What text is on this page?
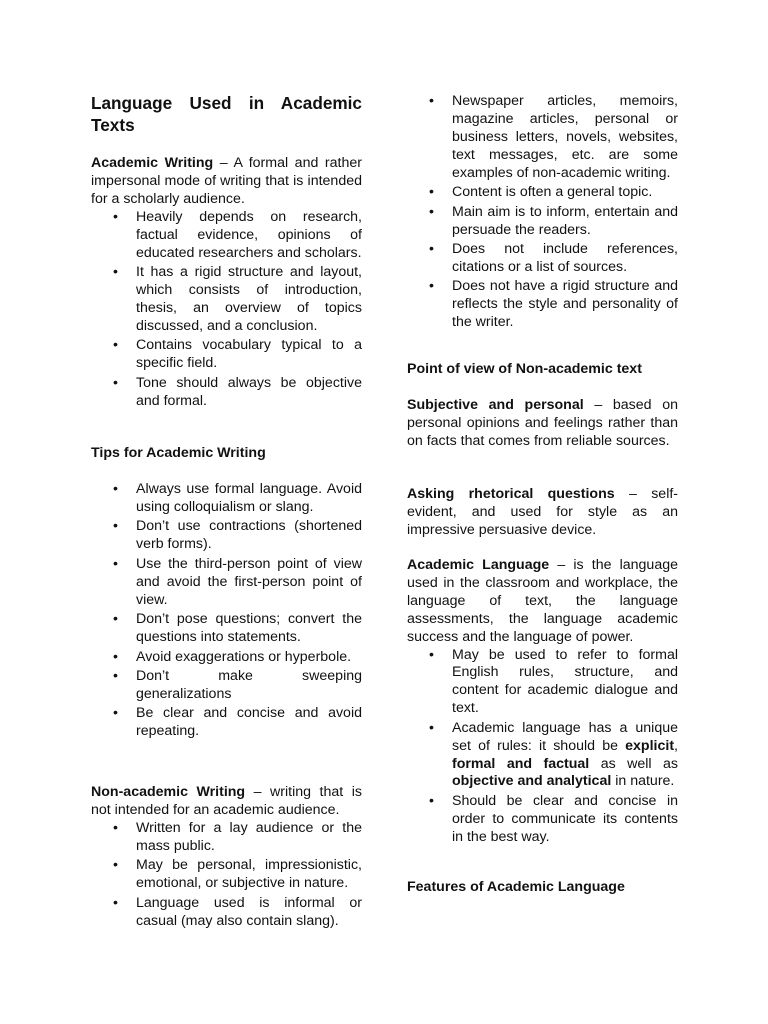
Language Used in Academic Texts

Academic Writing – A formal and rather impersonal mode of writing that is intended for a scholarly audience.

•	Heavily depends on research, factual evidence, opinions of educated researchers and scholars.
•	It has a rigid structure and layout, which consists of introduction, thesis, an overview of topics discussed, and a conclusion.
•	Contains vocabulary typical to a specific field.
•	Tone should always be objective and formal.
Tips for Academic Writing
•	Always use formal language. Avoid using colloquialism or slang.
•	Don’t use contractions (shortened verb forms).
•	Use the third-person point of view and avoid the first-person point of view.
•	Don’t pose questions; convert the questions into statements.
•	Avoid exaggerations or hyperbole.
•	Don’t make sweeping generalizations
•	Be clear and concise and avoid repeating.

Non-academic Writing – writing that is not intended for an academic audience.

•	Written for a lay audience or the mass public.
•	May be personal, impressionistic, emotional, or subjective in nature.
•	Language used is informal or casual (may also contain slang).
•	Newspaper articles, memoirs, magazine articles, personal or business letters, novels, websites, text messages, etc. are some examples of non-academic writing.
•	Content is often a general topic.
•	Main aim is to inform, entertain and persuade the readers.
•	Does not include references, citations or a list of sources.
•	Does not have a rigid structure and reflects the style and personality of the writer.
Point of view of Non-academic text

Subjective and personal – based on personal opinions and feelings rather than on facts that comes from reliable sources.

Asking rhetorical questions – self-evident, and used for style as an impressive persuasive device.

Academic Language – is the language used in the classroom and workplace, the language of text, the language assessments, the language academic success and the language of power.

•	May be used to refer to formal English rules, structure, and content for academic dialogue and text.
•	Academic language has a unique set of rules: it should be explicit, formal and factual as well as objective and analytical in nature.
•	Should be clear and concise in order to communicate its contents in the best way.
Features of Academic Language
